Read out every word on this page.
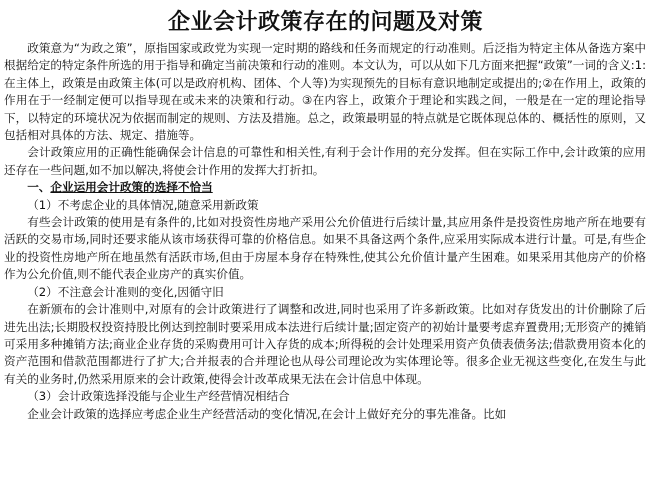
企业会计政策存在的问题及对策

政策意为“为政之策”，原指国家或政党为实现一定时期的路线和任务而规定的行动准则。后泛指为特定主体从备选方案中根据给定的特定条件所选的用于指导和确定当前决策和行动的准则。本文认为，可以从如下几方面来把握“政策”一词的含义:1:在主体上，政策是由政策主体(可以是政府机构、团体、个人等)为实现预先的目标有意识地制定或提出的;②在作用上，政策的作用在于一经制定便可以指导现在或未来的决策和行动。③在内容上，政策介于理论和实践之间，一般是在一定的理论指导下，以特定的环境状况为依据而制定的规则、方法及措施。总之，政策最明显的特点就是它既体现总体的、概括性的原则，又包括相对具体的方法、规定、措施等。

会计政策应用的正确性能确保会计信息的可靠性和相关性,有利于会计作用的充分发挥。但在实际工作中,会计政策的应用还存在一些问题,如不加以解决,将使会计作用的发挥大打折扣。

一、企业运用会计政策的选择不恰当

（1）不考虑企业的具体情况,随意采用新政策

有些会计政策的使用是有条件的,比如对投资性房地产采用公允价值进行后续计量,其应用条件是投资性房地产所在地要有活跃的交易市场,同时还要求能从该市场获得可靠的价格信息。如果不具备这两个条件,应采用实际成本进行计量。可是,有些企业的投资性房地产所在地虽然有活跃市场,但由于房屋本身存在特殊性,使其公允价值计量产生困难。如果采用其他房产的价格作为公允价值,则不能代表企业房产的真实价值。

（2）不注意会计准则的变化,因循守旧

在新颁布的会计准则中,对原有的会计政策进行了调整和改进,同时也采用了许多新政策。比如对存货发出的计价删除了后进先出法;长期股权投资持股比例达到控制时要采用成本法进行后续计量;固定资产的初始计量要考虑弃置费用;无形资产的摊销可采用多种摊销方法;商业企业存货的采购费用可计入存货的成本;所得税的会计处理采用资产负债表债务法;借款费用资本化的资产范围和借款范围都进行了扩大;合并报表的合并理论也从母公司理论改为实体理论等。很多企业无视这些变化,在发生与此有关的业务时,仍然采用原来的会计政策,使得会计改革成果无法在会计信息中体现。

（3）会计政策选择没能与企业生产经营情况相结合

企业会计政策的选择应考虑企业生产经营活动的变化情况,在会计上做好充分的事先准备。比如
